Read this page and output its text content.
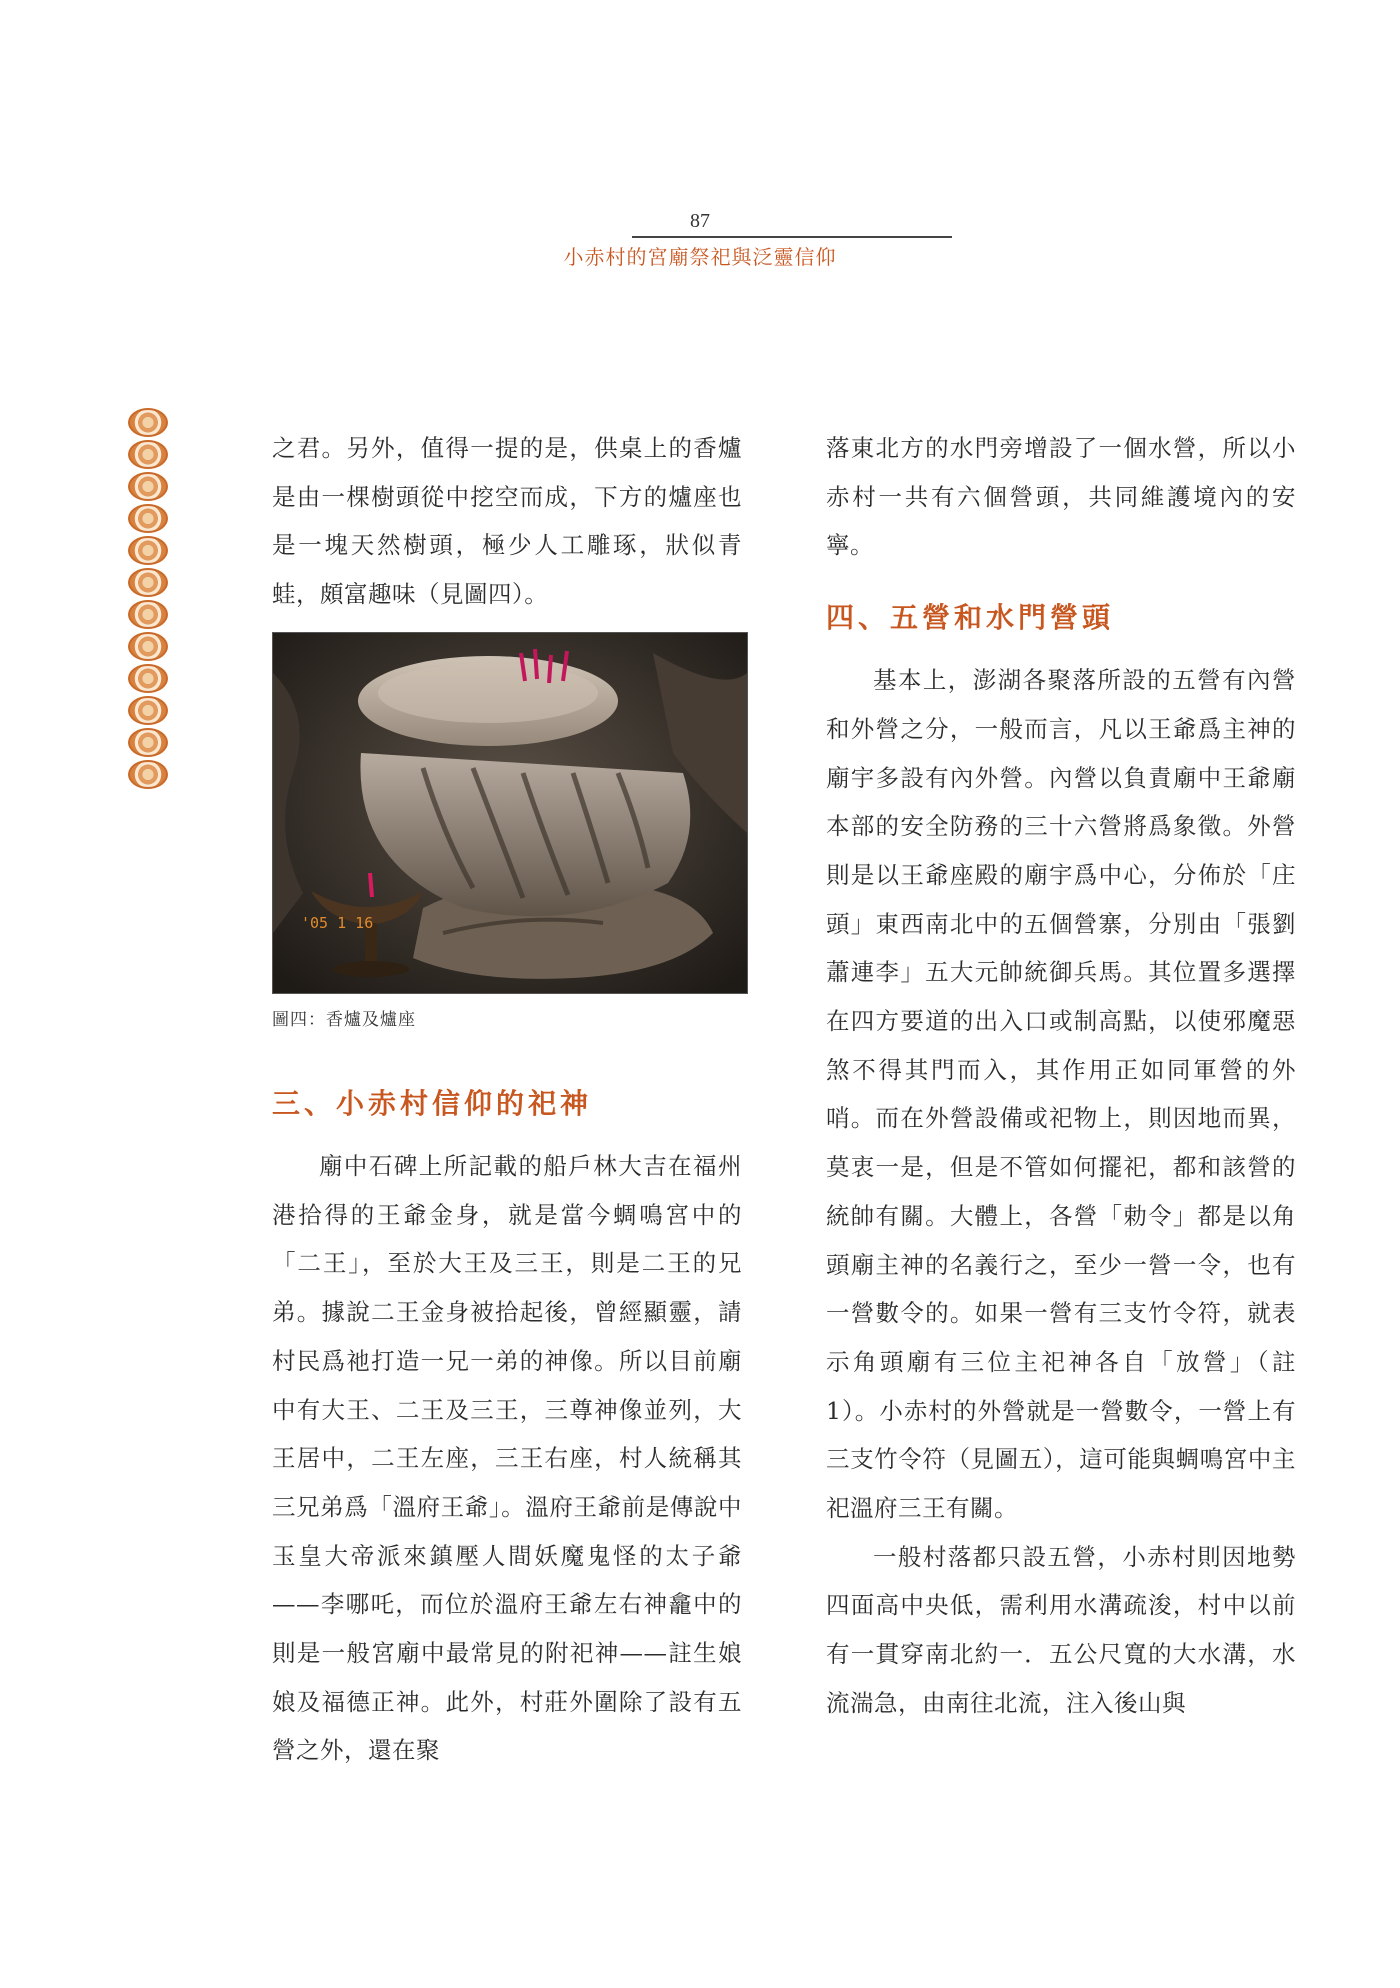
87
小赤村的宮廟祭祀與泛靈信仰

之君。另外，值得一提的是，供桌上的香爐是由一棵樹頭從中挖空而成，下方的爐座也是一塊天然樹頭，極少人工雕琢，狀似青蛙，頗富趣味（見圖四）。

'05 1 16
圖四：香爐及爐座
三、小赤村信仰的祀神

廟中石碑上所記載的船戶林大吉在福州港拾得的王爺金身，就是當今蜩鳴宮中的「二王」，至於大王及三王，則是二王的兄弟。據說二王金身被拾起後，曾經顯靈，請村民爲祂打造一兄一弟的神像。所以目前廟中有大王、二王及三王，三尊神像並列，大王居中，二王左座，三王右座，村人統稱其三兄弟爲「溫府王爺」。溫府王爺前是傳說中玉皇大帝派來鎮壓人間妖魔鬼怪的太子爺——李哪吒，而位於溫府王爺左右神龕中的則是一般宮廟中最常見的附祀神——註生娘娘及福德正神。此外，村莊外圍除了設有五營之外，還在聚

落東北方的水門旁增設了一個水營，所以小赤村一共有六個營頭，共同維護境內的安寧。

四、五營和水門營頭

基本上，澎湖各聚落所設的五營有內營和外營之分，一般而言，凡以王爺爲主神的廟宇多設有內外營。內營以負責廟中王爺廟本部的安全防務的三十六營將爲象徵。外營則是以王爺座殿的廟宇爲中心，分佈於「庄頭」東西南北中的五個營寨，分別由「張劉蕭連李」五大元帥統御兵馬。其位置多選擇在四方要道的出入口或制高點，以使邪魔惡煞不得其門而入，其作用正如同軍營的外哨。而在外營設備或祀物上，則因地而異，莫衷一是，但是不管如何擺祀，都和該營的統帥有關。大體上，各營「勅令」都是以角頭廟主神的名義行之，至少一營一令，也有一營數令的。如果一營有三支竹令符，就表示角頭廟有三位主祀神各自「放營」（註 1）。小赤村的外營就是一營數令，一營上有三支竹令符（見圖五），這可能與蜩鳴宮中主祀溫府三王有關。

一般村落都只設五營，小赤村則因地勢四面高中央低，需利用水溝疏浚，村中以前有一貫穿南北約一．五公尺寬的大水溝，水流湍急，由南往北流，注入後山與
